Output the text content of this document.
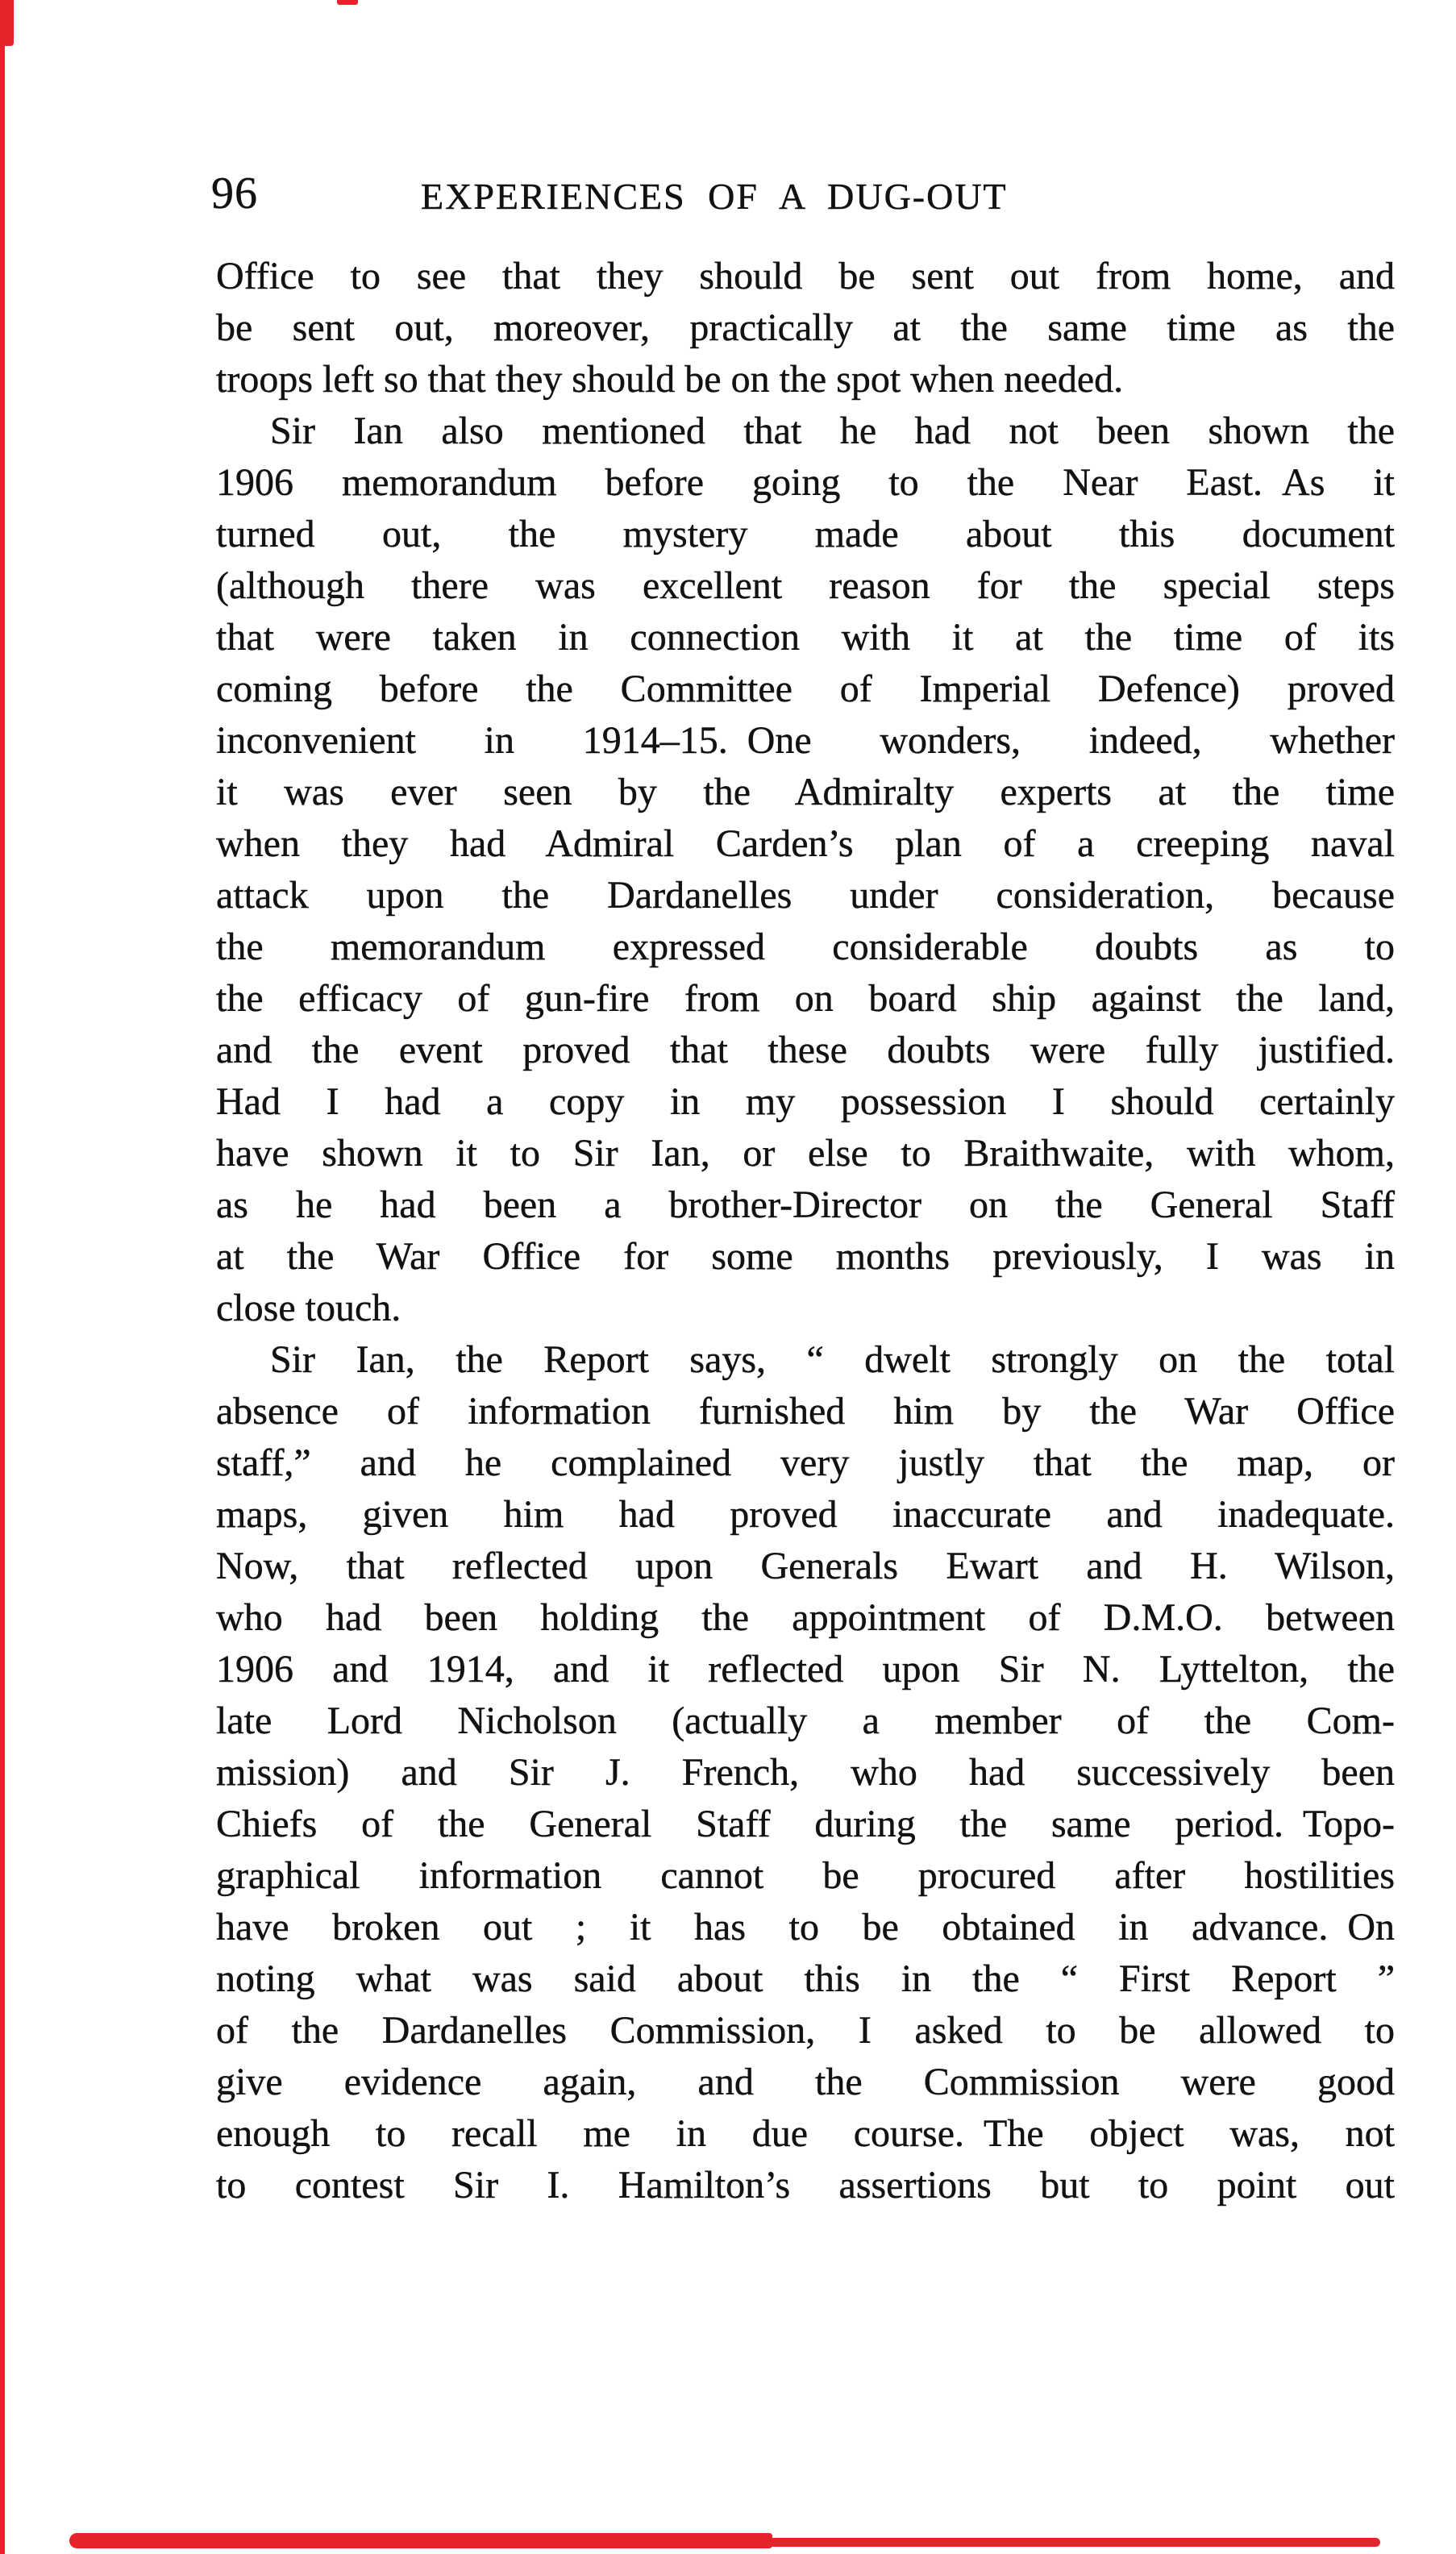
96	EXPERIENCES OF A DUG-OUT
Office to see that they should be sent out from home, and
be sent out, moreover, practically at the same time as the
troops left so that they should be on the spot when needed.
Sir Ian also mentioned that he had not been shown the
1906 memorandum before going to the Near East. As it
turned out, the mystery made about this document
(although there was excellent reason for the special steps
that were taken in connection with it at the time of its
coming before the Committee of Imperial Defence) proved
inconvenient in 1914–15. One wonders, indeed, whether
it was ever seen by the Admiralty experts at the time
when they had Admiral Carden’s plan of a creeping naval
attack upon the Dardanelles under consideration, because
the memorandum expressed considerable doubts as to
the efficacy of gun-fire from on board ship against the land,
and the event proved that these doubts were fully justified.
Had I had a copy in my possession I should certainly
have shown it to Sir Ian, or else to Braithwaite, with whom,
as he had been a brother-Director on the General Staff
at the War Office for some months previously, I was in
close touch.
Sir Ian, the Report says, “ dwelt strongly on the total
absence of information furnished him by the War Office
staff,” and he complained very justly that the map, or
maps, given him had proved inaccurate and inadequate.
Now, that reflected upon Generals Ewart and H. Wilson,
who had been holding the appointment of D.M.O. between
1906 and 1914, and it reflected upon Sir N. Lyttelton, the
late Lord Nicholson (actually a member of the Com-
mission) and Sir J. French, who had successively been
Chiefs of the General Staff during the same period. Topo-
graphical information cannot be procured after hostilities
have broken out ; it has to be obtained in advance. On
noting what was said about this in the “ First Report ”
of the Dardanelles Commission, I asked to be allowed to
give evidence again, and the Commission were good
enough to recall me in due course. The object was, not
to contest Sir I. Hamilton’s assertions but to point out
